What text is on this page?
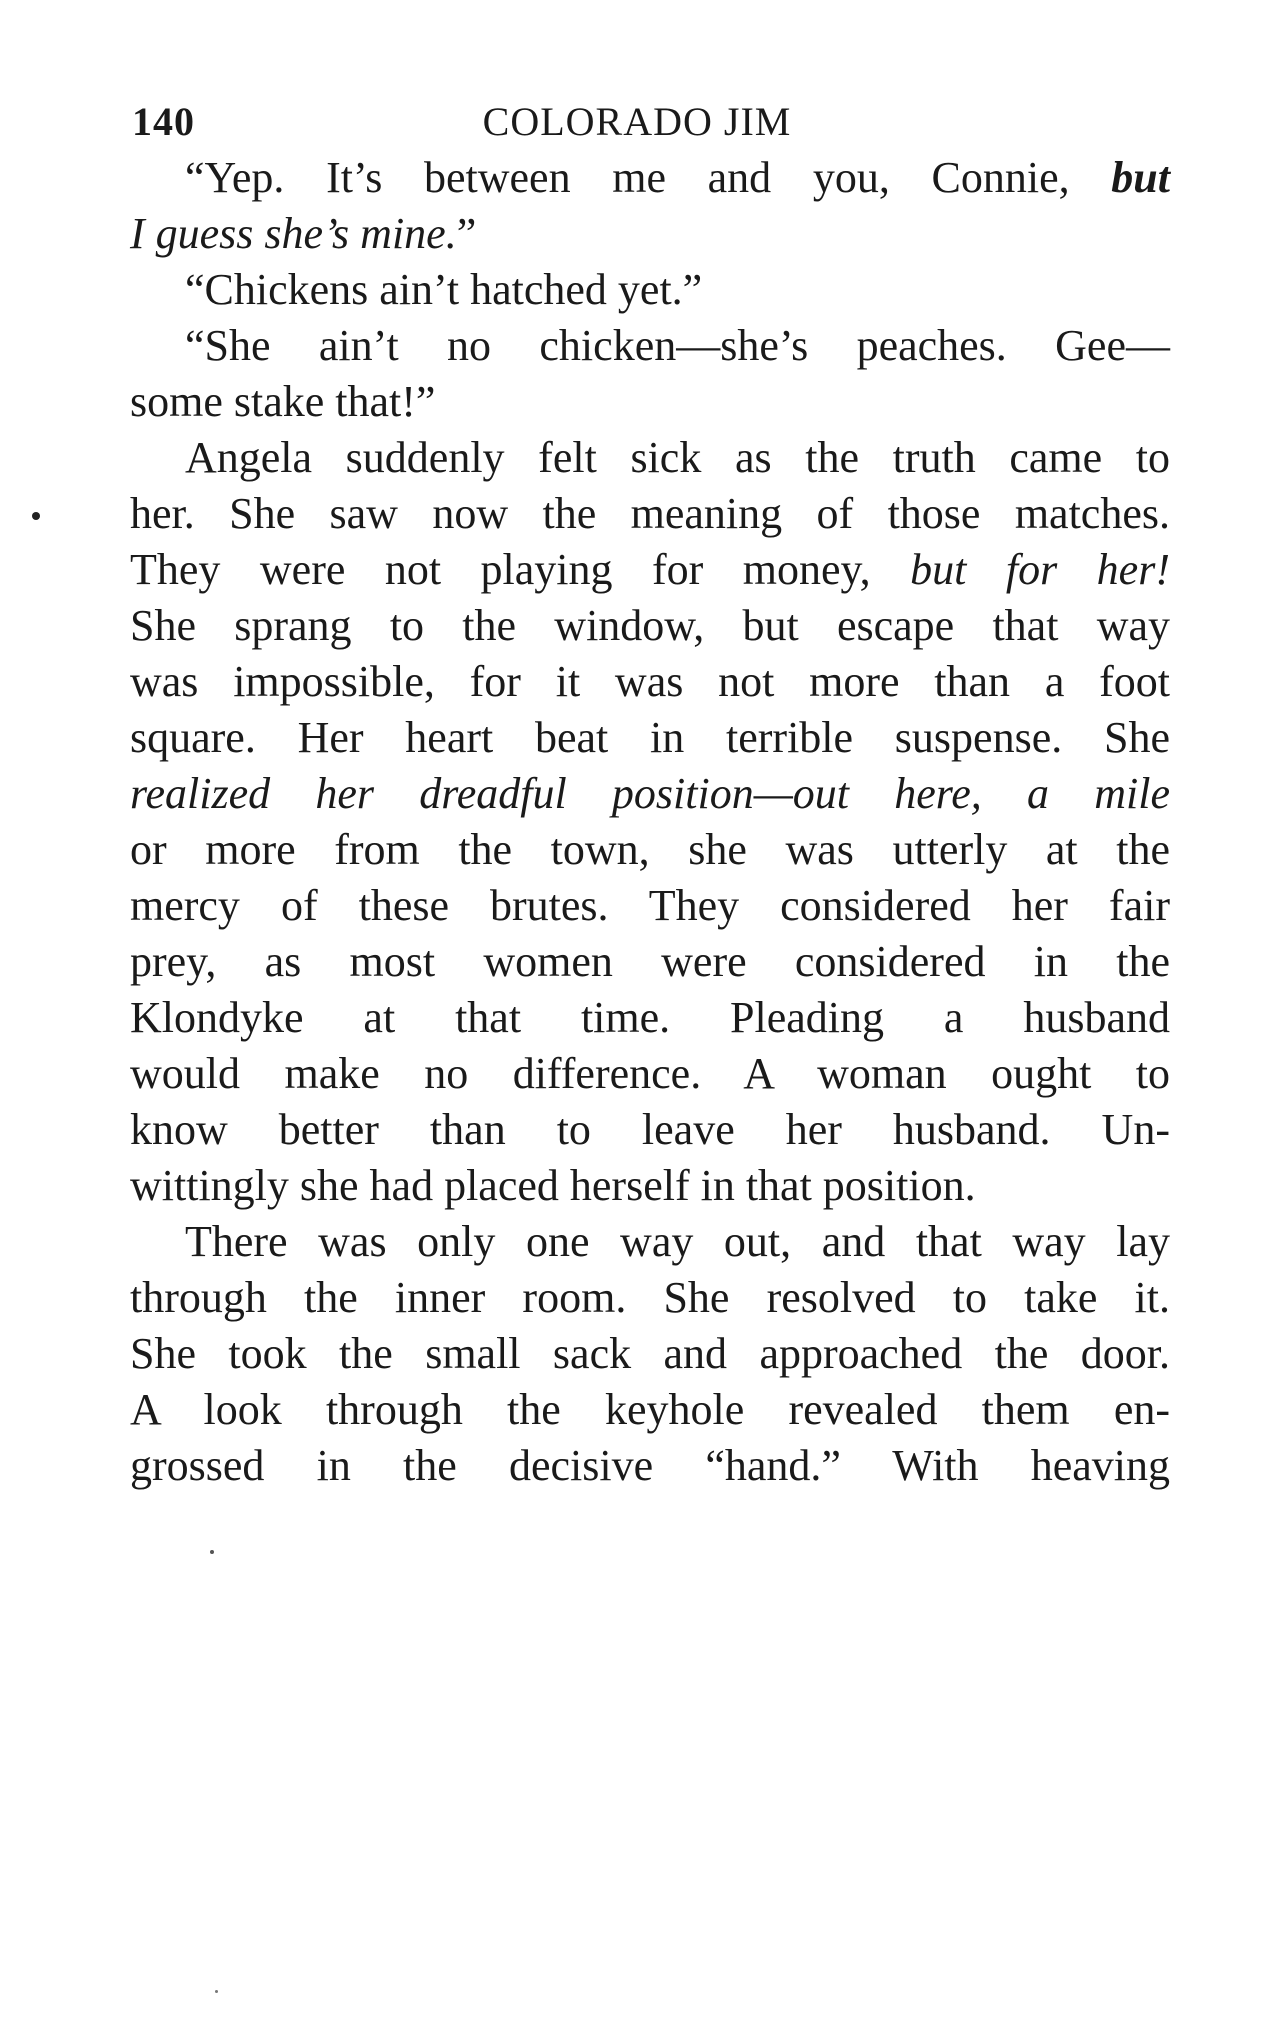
140	COLORADO JIM
“Yep. It’s between me and you, Connie, but
I guess she’s mine.”
“Chickens ain’t hatched yet.”
“She ain’t no chicken—she’s peaches. Gee—
some stake that!”
Angela suddenly felt sick as the truth came to
her. She saw now the meaning of those matches.
They were not playing for money, but for her!
She sprang to the window, but escape that way
was impossible, for it was not more than a foot
square. Her heart beat in terrible suspense. She
realized her dreadful position—out here, a mile
or more from the town, she was utterly at the
mercy of these brutes. They considered her fair
prey, as most women were considered in the
Klondyke at that time. Pleading a husband
would make no difference. A woman ought to
know better than to leave her husband. Un-
wittingly she had placed herself in that position.
There was only one way out, and that way lay
through the inner room. She resolved to take it.
She took the small sack and approached the door.
A look through the keyhole revealed them en-
grossed in the decisive “hand.” With heaving
